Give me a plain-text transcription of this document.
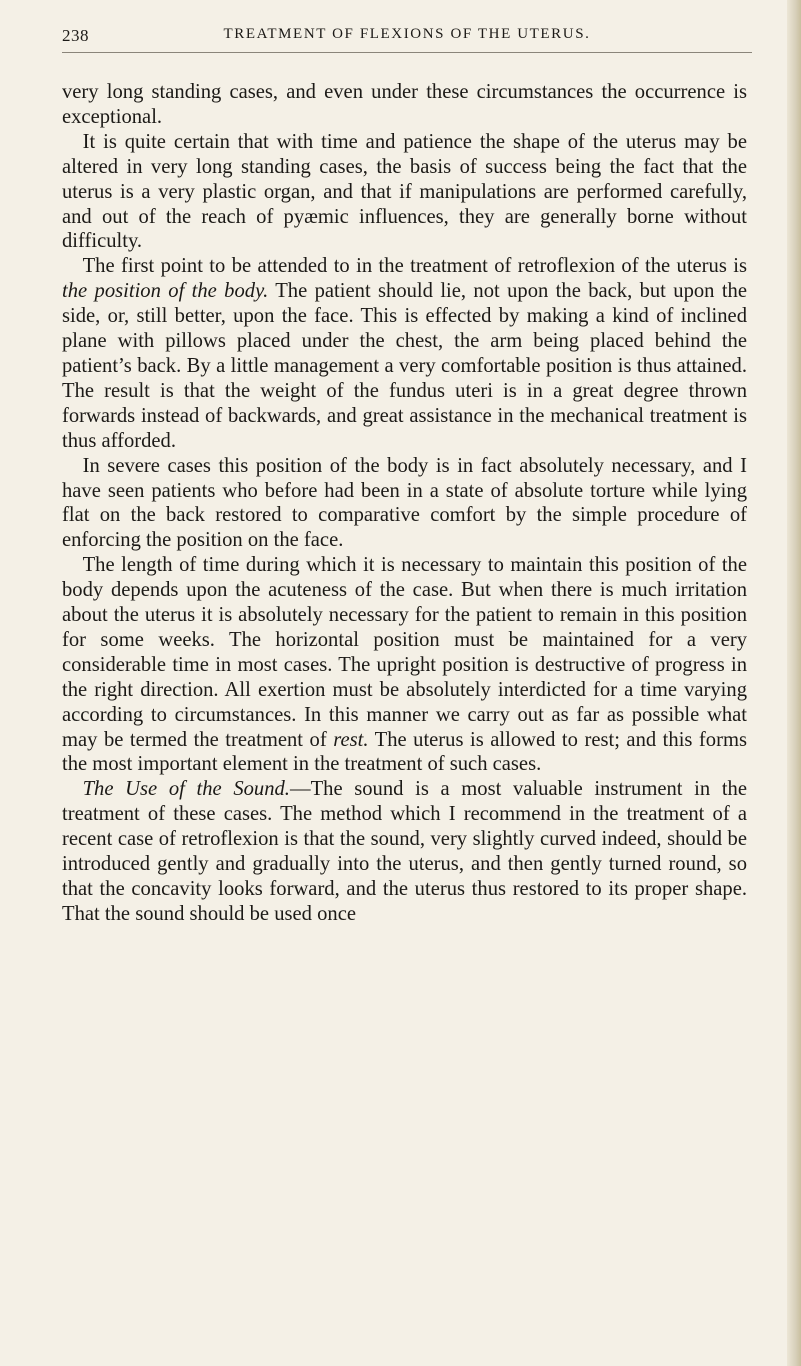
238	TREATMENT OF FLEXIONS OF THE UTERUS.

very long standing cases, and even under these circumstances the occurrence is exceptional.

It is quite certain that with time and patience the shape of the uterus may be altered in very long standing cases, the basis of success being the fact that the uterus is a very plastic organ, and that if manipulations are performed carefully, and out of the reach of pyæmic influences, they are generally borne without difficulty.

The first point to be attended to in the treatment of retroflexion of the uterus is the position of the body. The patient should lie, not upon the back, but upon the side, or, still better, upon the face. This is effected by making a kind of inclined plane with pillows placed under the chest, the arm being placed behind the patient’s back. By a little management a very comfortable position is thus attained. The result is that the weight of the fundus uteri is in a great degree thrown forwards instead of backwards, and great assistance in the mechanical treatment is thus afforded.

In severe cases this position of the body is in fact absolutely necessary, and I have seen patients who before had been in a state of absolute torture while lying flat on the back restored to comparative comfort by the simple procedure of enforcing the position on the face.

The length of time during which it is necessary to maintain this position of the body depends upon the acuteness of the case. But when there is much irritation about the uterus it is absolutely necessary for the patient to remain in this position for some weeks. The horizontal position must be maintained for a very considerable time in most cases. The upright position is destructive of progress in the right direction. All exertion must be absolutely interdicted for a time varying according to circumstances. In this manner we carry out as far as possible what may be termed the treatment of rest. The uterus is allowed to rest; and this forms the most important element in the treatment of such cases.

The Use of the Sound.—The sound is a most valuable instrument in the treatment of these cases. The method which I recommend in the treatment of a recent case of retroflexion is that the sound, very slightly curved indeed, should be introduced gently and gradually into the uterus, and then gently turned round, so that the concavity looks forward, and the uterus thus restored to its proper shape. That the sound should be used once
